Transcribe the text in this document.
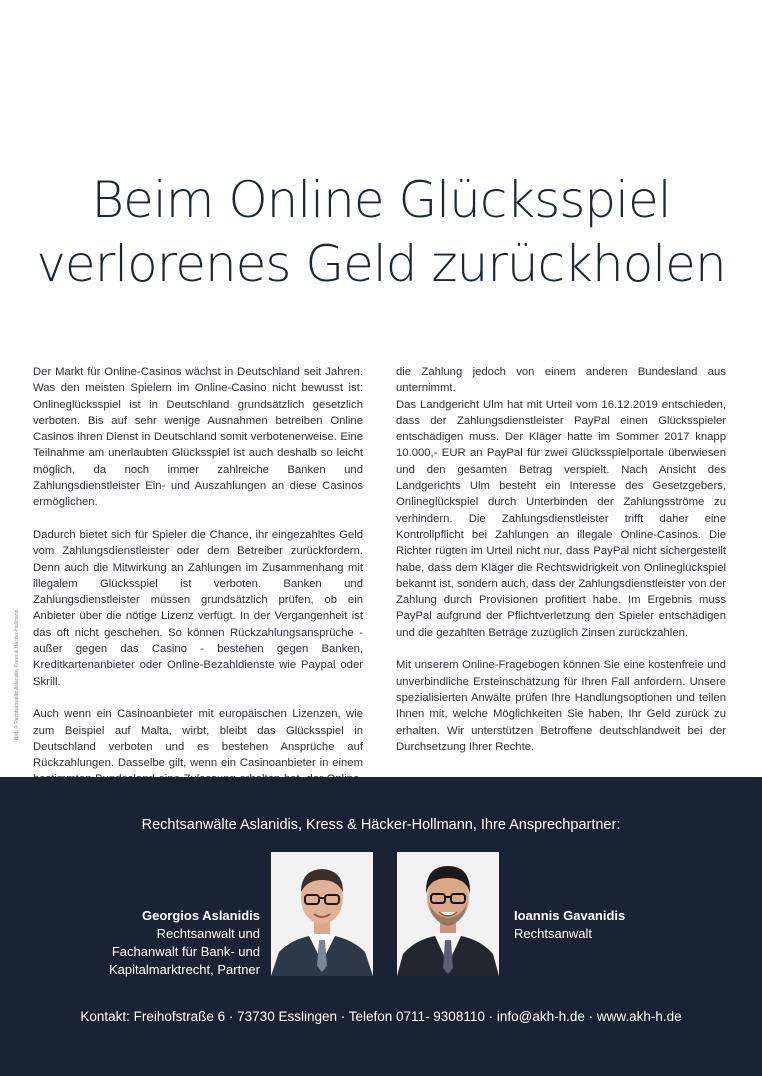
Beim Online Glücksspiel
verlorenes Geld zurückholen
Bild: © Rechtsanwälte Aslanidis, Kress & Häcker-Hollmann

Der Markt für Online-Casinos wächst in Deutschland seit Jahren. Was den meisten Spielern im Online-Casino nicht bewusst ist: Onlineglücksspiel ist in Deutschland grundsätzlich gesetzlich verboten. Bis auf sehr wenige Ausnahmen betreiben Online Casinos ihren Dienst in Deutschland somit verbotenerweise. Eine Teilnahme am unerlaubten Glücksspiel ist auch deshalb so leicht möglich, da noch immer zahlreiche Banken und Zahlungsdienstleister Ein- und Auszahlungen an diese Casinos ermöglichen.

Dadurch bietet sich für Spieler die Chance, ihr eingezahltes Geld vom Zahlungsdienstleister oder dem Betreiber zurückfordern. Denn auch die Mitwirkung an Zahlungen im Zusammenhang mit illegalem Glücksspiel ist verboten. Banken und Zahlungsdienstleister müssen grundsätzlich prüfen, ob ein Anbieter über die nötige Lizenz verfügt. In der Vergangenheit ist das oft nicht geschehen. So können Rückzahlungsansprüche - außer gegen das Casino - bestehen gegen Banken, Kreditkartenanbieter oder Online-Bezahldienste wie Paypal oder Skrill.

Auch wenn ein Casinoanbieter mit europäischen Lizenzen, wie zum Beispiel auf Malta, wirbt, bleibt das Glücksspiel in Deutschland verboten und es bestehen Ansprüche auf Rückzahlungen. Dasselbe gilt, wenn ein Casinoanbieter in einem

die Zahlung jedoch von einem anderen Bundesland aus unternimmt.

Das Landgericht Ulm hat mit Urteil vom 16.12.2019 entschieden, dass der Zahlungsdienstleister PayPal einen Glücksspieler entschädigen muss. Der Kläger hatte im Sommer 2017 knapp 10.000,- EUR an PayPal für zwei Glücksspielportale überwiesen und den gesamten Betrag verspielt. Nach Ansicht des Landgerichts Ulm besteht ein Interesse des Gesetzgebers, Onlineglückspiel durch Unterbinden der Zahlungsströme zu verhindern. Die Zahlungsdienstleister trifft daher eine Kontrollpflicht bei Zahlungen an illegale Online-Casinos. Die Richter rügten im Urteil nicht nur, dass PayPal nicht sichergestellt habe, dass dem Kläger die Rechtswidrigkeit von Onlineglückspiel bekannt ist, sondern auch, dass der Zahlungsdienstleister von der Zahlung durch Provisionen profitiert habe. Im Ergebnis muss PayPal aufgrund der Pflichtverletzung den Spieler entschädigen und die gezahlten Beträge zuzüglich Zinsen zurückzahlen.

Mit unserem Online-Fragebogen können Sie eine kostenfreie und unverbindliche Ersteinschätzung für Ihren Fall anfordern. Unsere spezialisierten Anwälte prüfen Ihre Handlungsoptionen und teilen Ihnen mit, welche Möglichkeiten Sie haben, Ihr Geld zurück zu erhalten. Wir unterstützen Betroffene deutschlandweit bei der Durchsetzung Ihrer Rechte.

Rechtsanwälte Aslanidis, Kress & Häcker-Hollmann, Ihre Ansprechpartner:
Georgios Aslanidis
Rechtsanwalt und
Fachanwalt für Bank- und
Kapitalmarktrecht, Partner
Ioannis Gavanidis
Rechtsanwalt
Kontakt: Freihofstraße 6 · 73730 Esslingen · Telefon 0711- 9308110 · info@akh-h.de · www.akh-h.de
